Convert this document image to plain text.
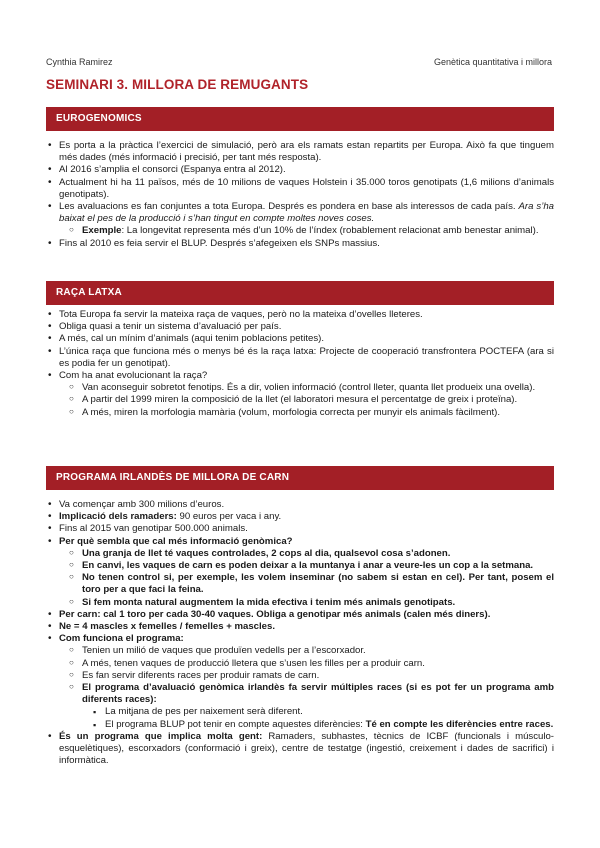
Cynthia Ramirez	Genètica quantitativa i millora
SEMINARI 3. MILLORA DE REMUGANTS
EUROGENOMICS
• Es porta a la pràctica l’exercici de simulació, però ara els ramats estan repartits per Europa. Això fa que tinguem més dades (més informació i precisió, per tant més resposta).
• Al 2016 s’amplia el consorci (Espanya entra al 2012).
• Actualment hi ha 11 països, més de 10 milions de vaques Holstein i 35.000 toros genotipats (1,6 milions d’animals genotipats).
• Les avaluacions es fan conjuntes a tota Europa. Després es pondera en base als interessos de cada país. Ara s’ha baixat el pes de la producció i s’han tingut en compte moltes noves coses.
○ Exemple: La longevitat representa més d’un 10% de l’índex (robablement relacionat amb benestar animal).
• Fins al 2010 es feia servir el BLUP. Després s’afegeixen els SNPs massius.
RAÇA LATXA
• Tota Europa fa servir la mateixa raça de vaques, però no la mateixa d’ovelles lleteres.
• Obliga quasi a tenir un sistema d’avaluació per país.
• A més, cal un mínim d’animals (aqui tenim poblacions petites).
• L’única raça que funciona més o menys bé és la raça latxa: Projecte de cooperació transfrontera POCTEFA (ara si es podia fer un genotipat).
• Com ha anat evolucionant la raça?
○ Van aconseguir sobretot fenotips. És a dir, volien informació (control lleter, quanta llet produeix una ovella).
○ A partir del 1999 miren la composició de la llet (el laboratori mesura el percentatge de greix i proteïna).
○ A més, miren la morfologia mamària (volum, morfologia correcta per munyir els animals fàcilment).
PROGRAMA IRLANDÈS DE MILLORA DE CARN
• Va començar amb 300 milions d’euros.
• Implicació dels ramaders: 90 euros per vaca i any.
• Fins al 2015 van genotipar 500.000 animals.
• Per què sembla que cal més informació genòmica?
○ Una granja de llet té vaques controlades, 2 cops al dia, qualsevol cosa s’adonen.
○ En canvi, les vaques de carn es poden deixar a la muntanya i anar a veure-les un cop a la setmana.
○ No tenen control si, per exemple, les volem inseminar (no sabem si estan en cel). Per tant, posem el toro per a que faci la feina.
○ Si fem monta natural augmentem la mida efectiva i tenim més animals genotipats.
• Per carn: cal 1 toro per cada 30-40 vaques. Obliga a genotipar més animals (calen més diners).
• Ne = 4 mascles x femelles / femelles + mascles.
• Com funciona el programa:
○ Tenien un milió de vaques que produïen vedells per a l’escorxador.
○ A més, tenen vaques de producció lletera que s’usen les filles per a produir carn.
○ Es fan servir diferents races per produir ramats de carn.
○ El programa d’avaluació genòmica irlandès fa servir múltiples races (si es pot fer un programa amb diferents races):
▪ La mitjana de pes per naixement serà diferent.
▪ El programa BLUP pot tenir en compte aquestes diferències: Té en compte les diferències entre races.
• És un programa que implica molta gent: Ramaders, subhastes, tècnics de ICBF (funcionals i músculo-esquelètiques), escorxadors (conformació i greix), centre de testatge (ingestió, creixement i dades de sacrifici) i informàtica.
